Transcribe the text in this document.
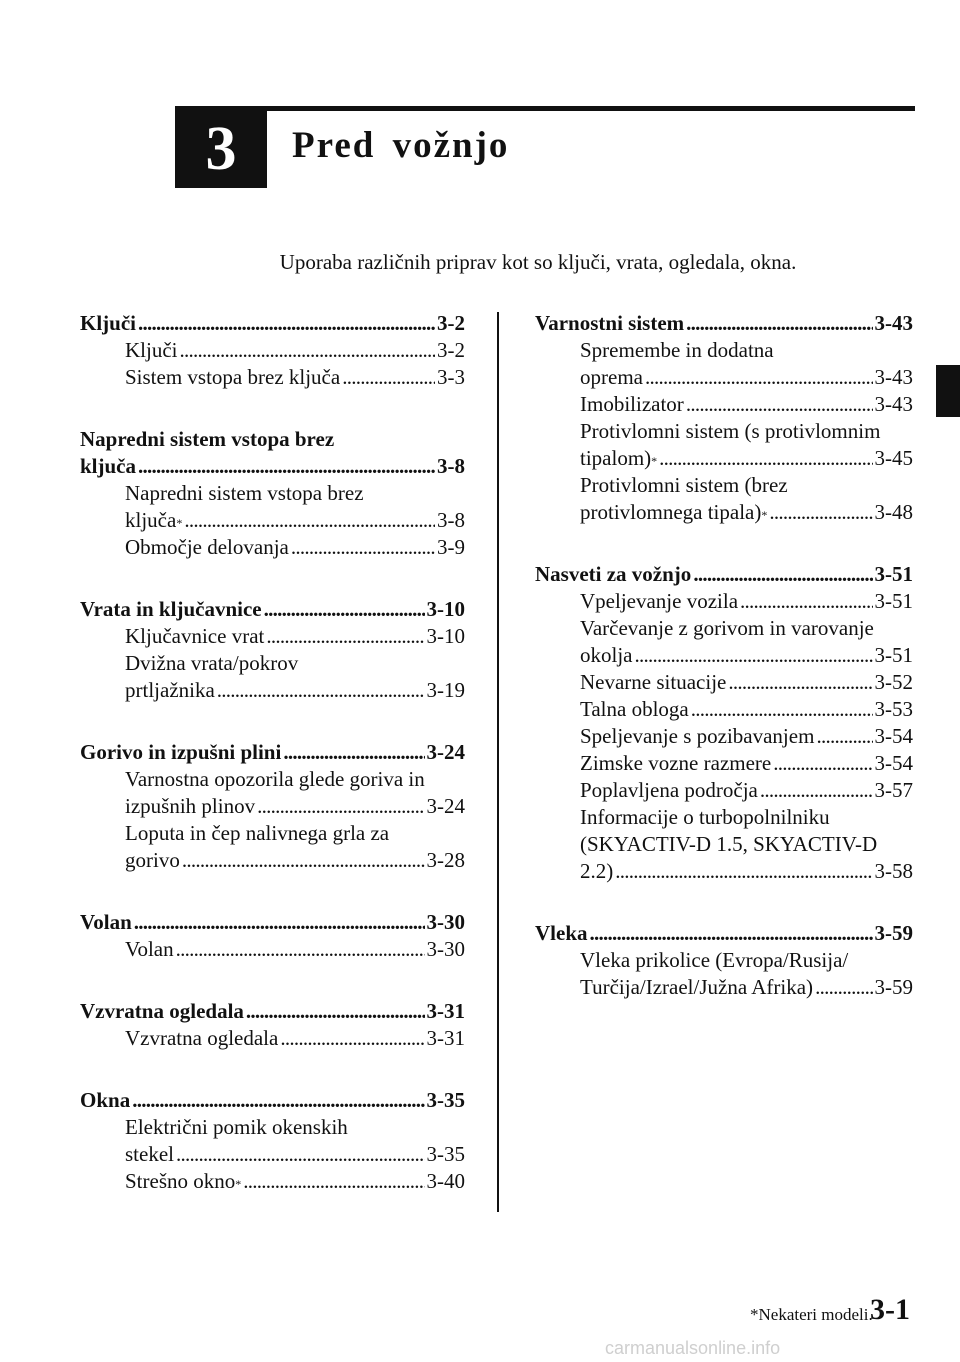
3	Pred vožnjo
Uporaba različnih priprav kot so ključi, vrata, ogledala, okna.
Ključi . . .	3-2
Ključi . . .	3-2
Sistem vstopa brez ključa . . .	3-3
Napredni sistem vstopa brez
ključa . . .	3-8
Napredni sistem vstopa brez
ključa * . . .	3-8
Območje delovanja . . .	3-9
Vrata in ključavnice . . .	3-10
Ključavnice vrat . . .	3-10
Dvižna vrata/pokrov
prtljažnika . . .	3-19
Gorivo in izpušni plini . . .	3-24
Varnostna opozorila glede goriva in
izpušnih plinov . . .	3-24
Loputa in čep nalivnega grla za
gorivo . . .	3-28
Volan . . .	3-30
Volan . . .	3-30
Vzvratna ogledala . . .	3-31
Vzvratna ogledala . . .	3-31
Okna . . .	3-35
Električni pomik okenskih
stekel . . .	3-35
Strešno okno * . . .	3-40
Varnostni sistem . . .	3-43
Spremembe in dodatna
oprema . . .	3-43
Imobilizator . . .	3-43
Protivlomni sistem (s protivlomnim
tipalom) * . . .	3-45
Protivlomni sistem (brez
protivlomnega tipala) * . . .	3-48
Nasveti za vožnjo . . .	3-51
Vpeljevanje vozila . . .	3-51
Varčevanje z gorivom in varovanje
okolja . . .	3-51
Nevarne situacije . . .	3-52
Talna obloga . . .	3-53
Speljevanje s pozibavanjem . . .	3-54
Zimske vozne razmere . . .	3-54
Poplavljena področja . . .	3-57
Informacije o turbopolnilniku
(SKYACTIV-D 1.5, SKYACTIV-D
2.2) . . .	3-58
Vleka . . .	3-59
Vleka prikolice (Evropa/Rusija/
Turčija/Izrael/Južna Afrika) . . .	3-59
*Nekateri modeli.
3-1
carmanualsonline.info
